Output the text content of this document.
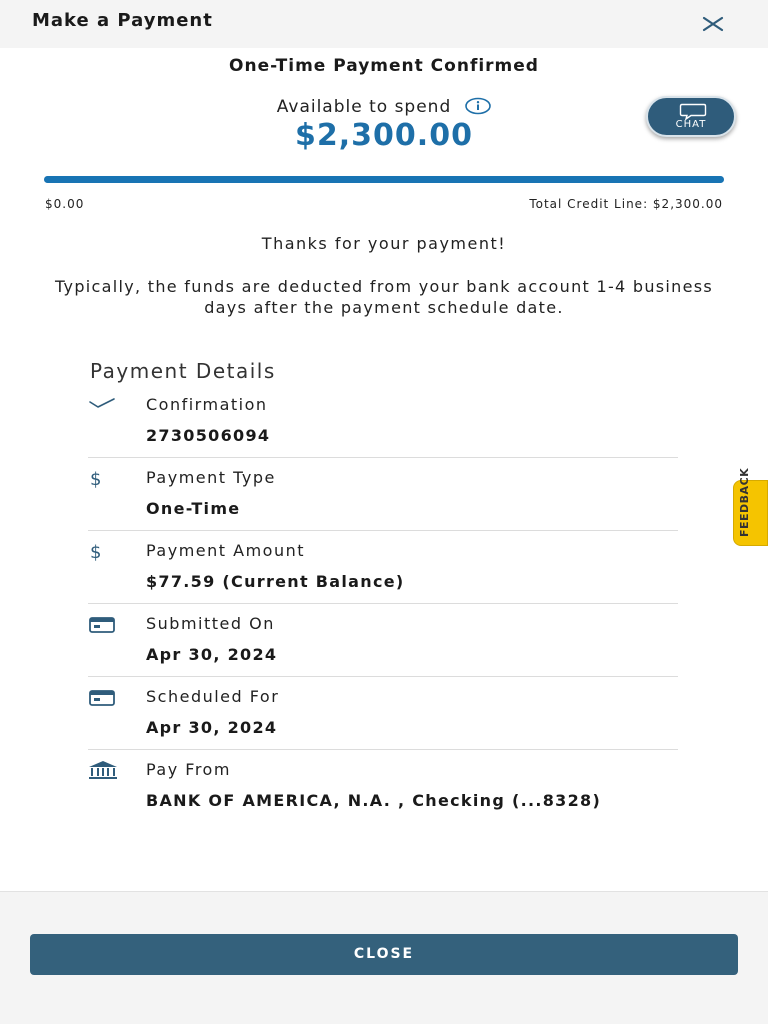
Make a Payment
One-Time Payment Confirmed
Available to spend
$2,300.00	CHAT
$0.00	Total Credit Line: $2,300.00
Thanks for your payment!
Typically, the funds are deducted from your bank account 1-4 business days after the payment schedule date.
Payment Details
Confirmation
2730506094
$	Payment Type
One-Time
$	Payment Amount
$77.59 (Current Balance)
Submitted On
Apr 30, 2024
Scheduled For
Apr 30, 2024
Pay From
BANK OF AMERICA, N.A. , Checking (...8328)
FEEDBACK
CLOSE
